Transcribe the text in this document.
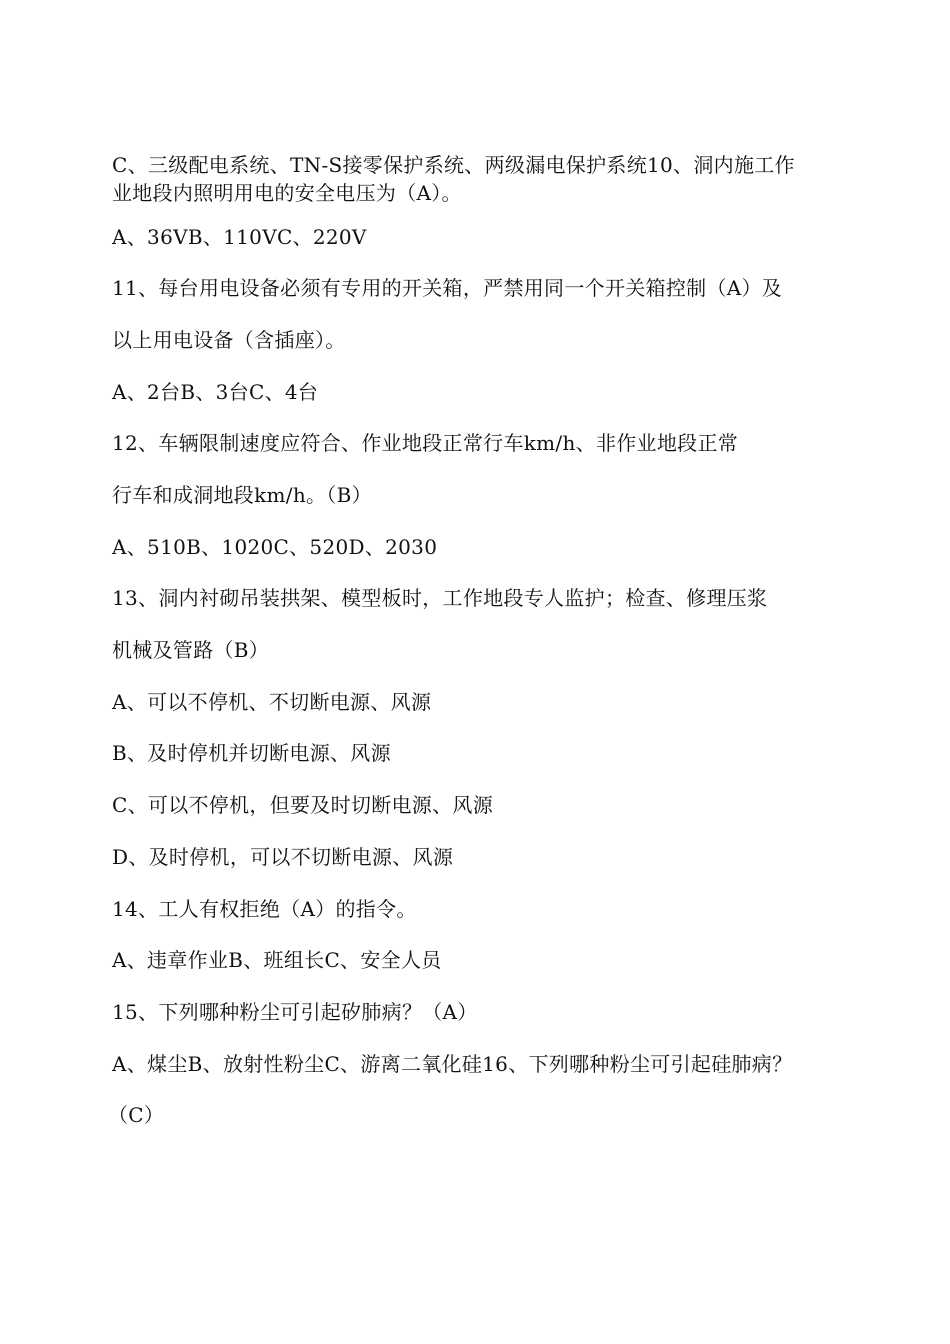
C、三级配电系统、TN-S接零保护系统、两级漏电保护系统10、洞内施工作
业地段内照明用电的安全电压为（A）。
A、36VB、110VC、220V
11、每台用电设备必须有专用的开关箱，严禁用同一个开关箱控制（A）及
以上用电设备（含插座）。
A、2台B、3台C、4台
12、车辆限制速度应符合、作业地段正常行车km/h、非作业地段正常
行车和成洞地段km/h。（B）
A、510B、1020C、520D、2030
13、洞内衬砌吊装拱架、模型板时，工作地段专人监护；检查、修理压浆
机械及管路（B）
A、可以不停机、不切断电源、风源
B、及时停机并切断电源、风源
C、可以不停机，但要及时切断电源、风源
D、及时停机，可以不切断电源、风源
14、工人有权拒绝（A）的指令。
A、违章作业B、班组长C、安全人员
15、下列哪种粉尘可引起矽肺病？（A）
A、煤尘B、放射性粉尘C、游离二氧化硅16、下列哪种粉尘可引起硅肺病？
（C）
